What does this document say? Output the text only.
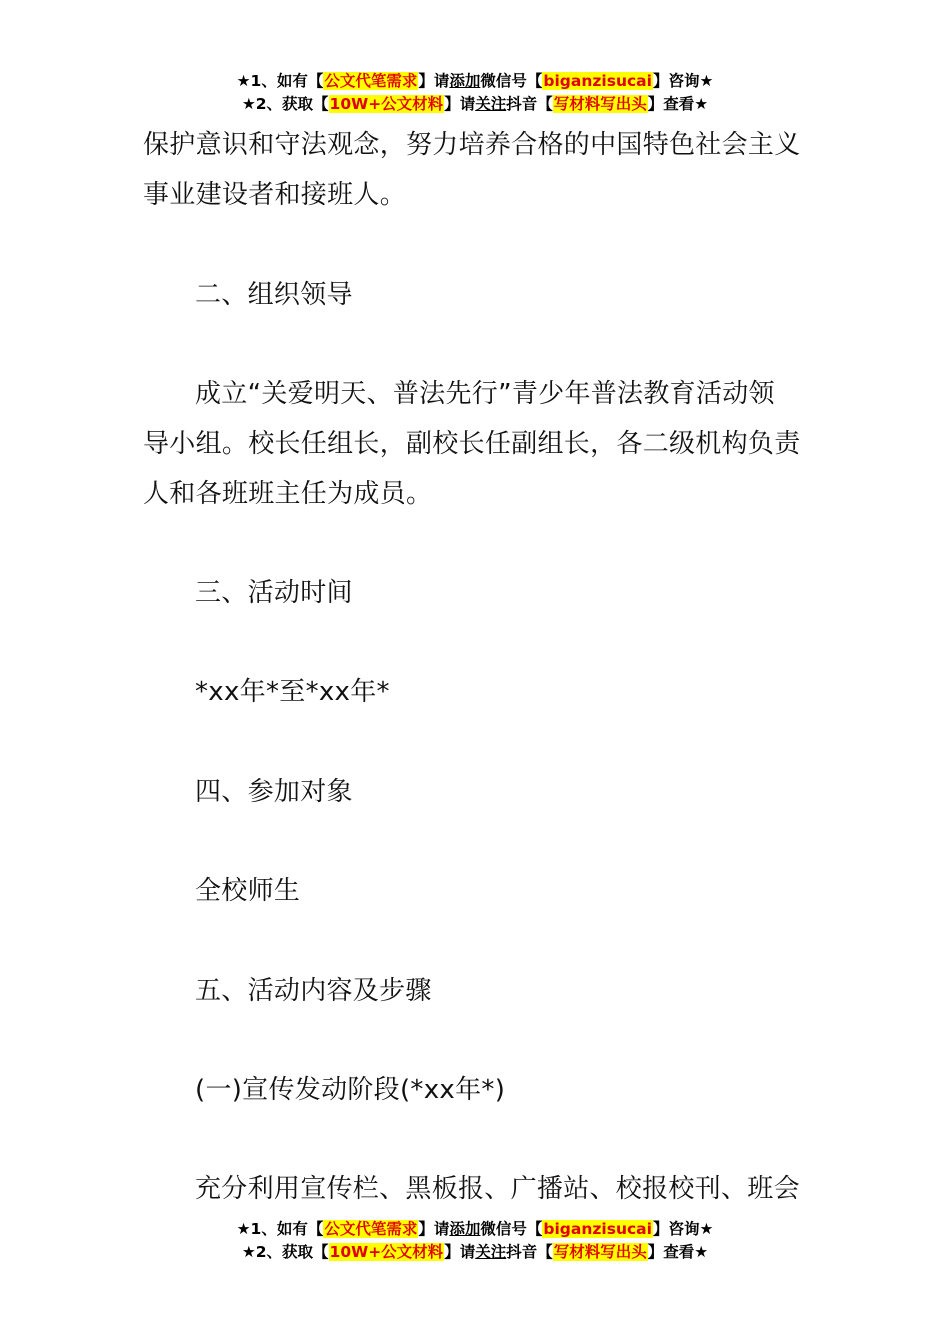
★1、如有【公文代笔需求】请添加微信号【biganzisucai】咨询★
★2、获取【10W+公文材料】请关注抖音【写材料写出头】查看★

保护意识和守法观念，努力培养合格的中国特色社会主义

事业建设者和接班人。

二、组织领导

成立“关爱明天、普法先行”青少年普法教育活动领

导小组。校长任组长，副校长任副组长，各二级机构负责

人和各班班主任为成员。

三、活动时间

*xx年*至*xx年*

四、参加对象

全校师生

五、活动内容及步骤

(一)宣传发动阶段(*xx年*)

充分利用宣传栏、黑板报、广播站、校报校刊、班会

★1、如有【公文代笔需求】请添加微信号【biganzisucai】咨询★
★2、获取【10W+公文材料】请关注抖音【写材料写出头】查看★
